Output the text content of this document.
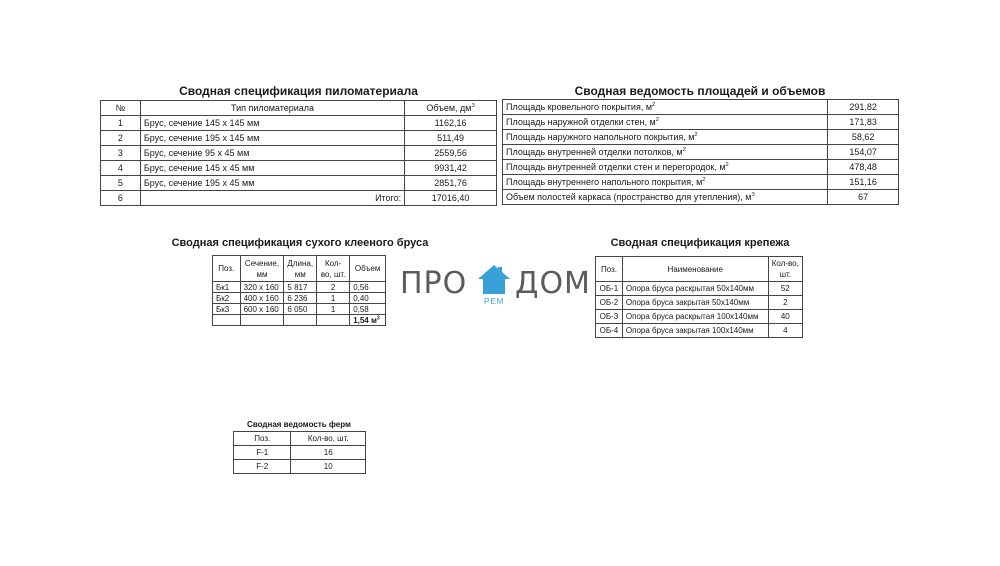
Сводная спецификация пиломатериала
№	Тип пиломатериала	Объем, $дм^3$
1	Брус, сечение 145 х 145 мм	1162,16
2	Брус, сечение 195 х 145 мм	511,49
3	Брус, сечение 95 х 45 мм	2559,56
4	Брус, сечение 145 х 45 мм	9931,42
5	Брус, сечение 195 х 45 мм	2851,76
6	Итого:	17016,40
Сводная ведомость площадей и объемов
Площадь кровельного покрытия, $м^2$	291,82
Площадь наружной отделки стен, $м^2$	171,83
Площадь наружного напольного покрытия, $м^2$	58,62
Площадь внутренней отделки потолков, $м^2$	154,07
Площадь внутренней отделки стен и перегородок, $м^2$	478,48
Площадь внутреннего напольного покрытия, $м^2$	151,16
Объем полостей каркаса (пространство для утепления), $м^3$	67
Сводная спецификация сухого клееного бруса
Поз.	Сечение, мм	Длина, мм	Кол-во, шт.	Объем
Бк1	320 х 160	5 817	2	0,56
Бк2	400 х 160	6 236	1	0,40
Бк3	600 х 160	6 050	1	0,58
				1,54 $м^3$
Сводная спецификация крепежа
Поз.	Наименование	Кол-во, шт.
ОБ-1	Опора бруса раскрытая 50х140мм	52
ОБ-2	Опора бруса закрытая 50х140мм	2
ОБ-3	Опора бруса раскрытая 100х140мм	40
ОБ-4	Опора бруса закрытая 100х140мм	4
ПРО
РЕМ
ДОМ
Сводная ведомость ферм
Поз.	Кол-во, шт.
F-1	16
F-2	10
